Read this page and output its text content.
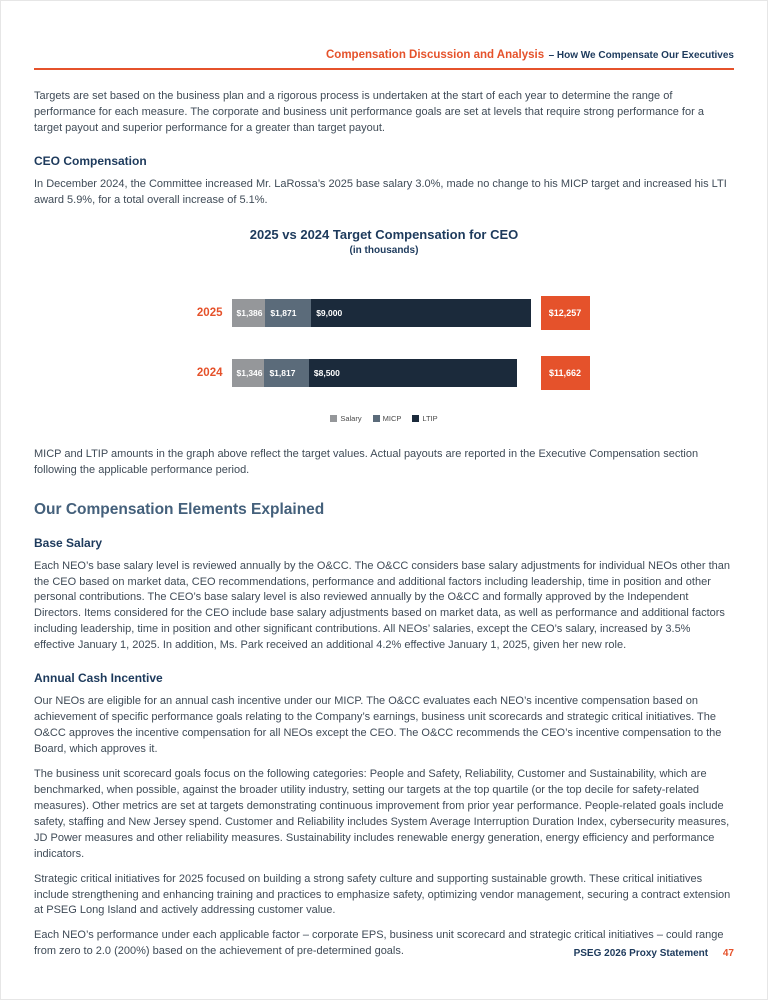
Compensation Discussion and Analysis – How We Compensate Our Executives

Targets are set based on the business plan and a rigorous process is undertaken at the start of each year to determine the range of performance for each measure. The corporate and business unit performance goals are set at levels that require strong performance for a target payout and superior performance for a greater than target payout.

CEO Compensation

In December 2024, the Committee increased Mr. LaRossa’s 2025 base salary 3.0%, made no change to his MICP target and increased his LTI award 5.9%, for a total overall increase of 5.1%.

2025 vs 2024 Target Compensation for CEO
(in thousands)
2025	$1,386 $1,871	$9,000	$12,257
2024	$1,346 $1,817	$8,500	$11,662
Salary	MICP	LTIP

MICP and LTIP amounts in the graph above reflect the target values. Actual payouts are reported in the Executive Compensation section following the applicable performance period.

Our Compensation Elements Explained
Base Salary

Each NEO’s base salary level is reviewed annually by the O&CC. The O&CC considers base salary adjustments for individual NEOs other than the CEO based on market data, CEO recommendations, performance and additional factors including leadership, time in position and other personal contributions. The CEO’s base salary level is also reviewed annually by the O&CC and formally approved by the Independent Directors. Items considered for the CEO include base salary adjustments based on market data, as well as performance and additional factors including leadership, time in position and other significant contributions. All NEOs’ salaries, except the CEO’s salary, increased by 3.5% effective January 1, 2025. In addition, Ms. Park received an additional 4.2% effective January 1, 2025, given her new role.

Annual Cash Incentive

Our NEOs are eligible for an annual cash incentive under our MICP. The O&CC evaluates each NEO’s incentive compensation based on achievement of specific performance goals relating to the Company’s earnings, business unit scorecards and strategic critical initiatives. The O&CC approves the incentive compensation for all NEOs except the CEO. The O&CC recommends the CEO’s incentive compensation to the Board, which approves it.

The business unit scorecard goals focus on the following categories: People and Safety, Reliability, Customer and Sustainability, which are benchmarked, when possible, against the broader utility industry, setting our targets at the top quartile (or the top decile for safety-related measures). Other metrics are set at targets demonstrating continuous improvement from prior year performance. People-related goals include safety, staffing and New Jersey spend. Customer and Reliability includes System Average Interruption Duration Index, cybersecurity measures, JD Power measures and other reliability measures. Sustainability includes renewable energy generation, energy efficiency and performance indicators.

Strategic critical initiatives for 2025 focused on building a strong safety culture and supporting sustainable growth. These critical initiatives include strengthening and enhancing training and practices to emphasize safety, optimizing vendor management, securing a contract extension at PSEG Long Island and actively addressing customer value.

Each NEO’s performance under each applicable factor – corporate EPS, business unit scorecard and strategic critical initiatives – could range from zero to 2.0 (200%) based on the achievement of pre-determined goals.	PSEG 2026 Proxy Statement 47
